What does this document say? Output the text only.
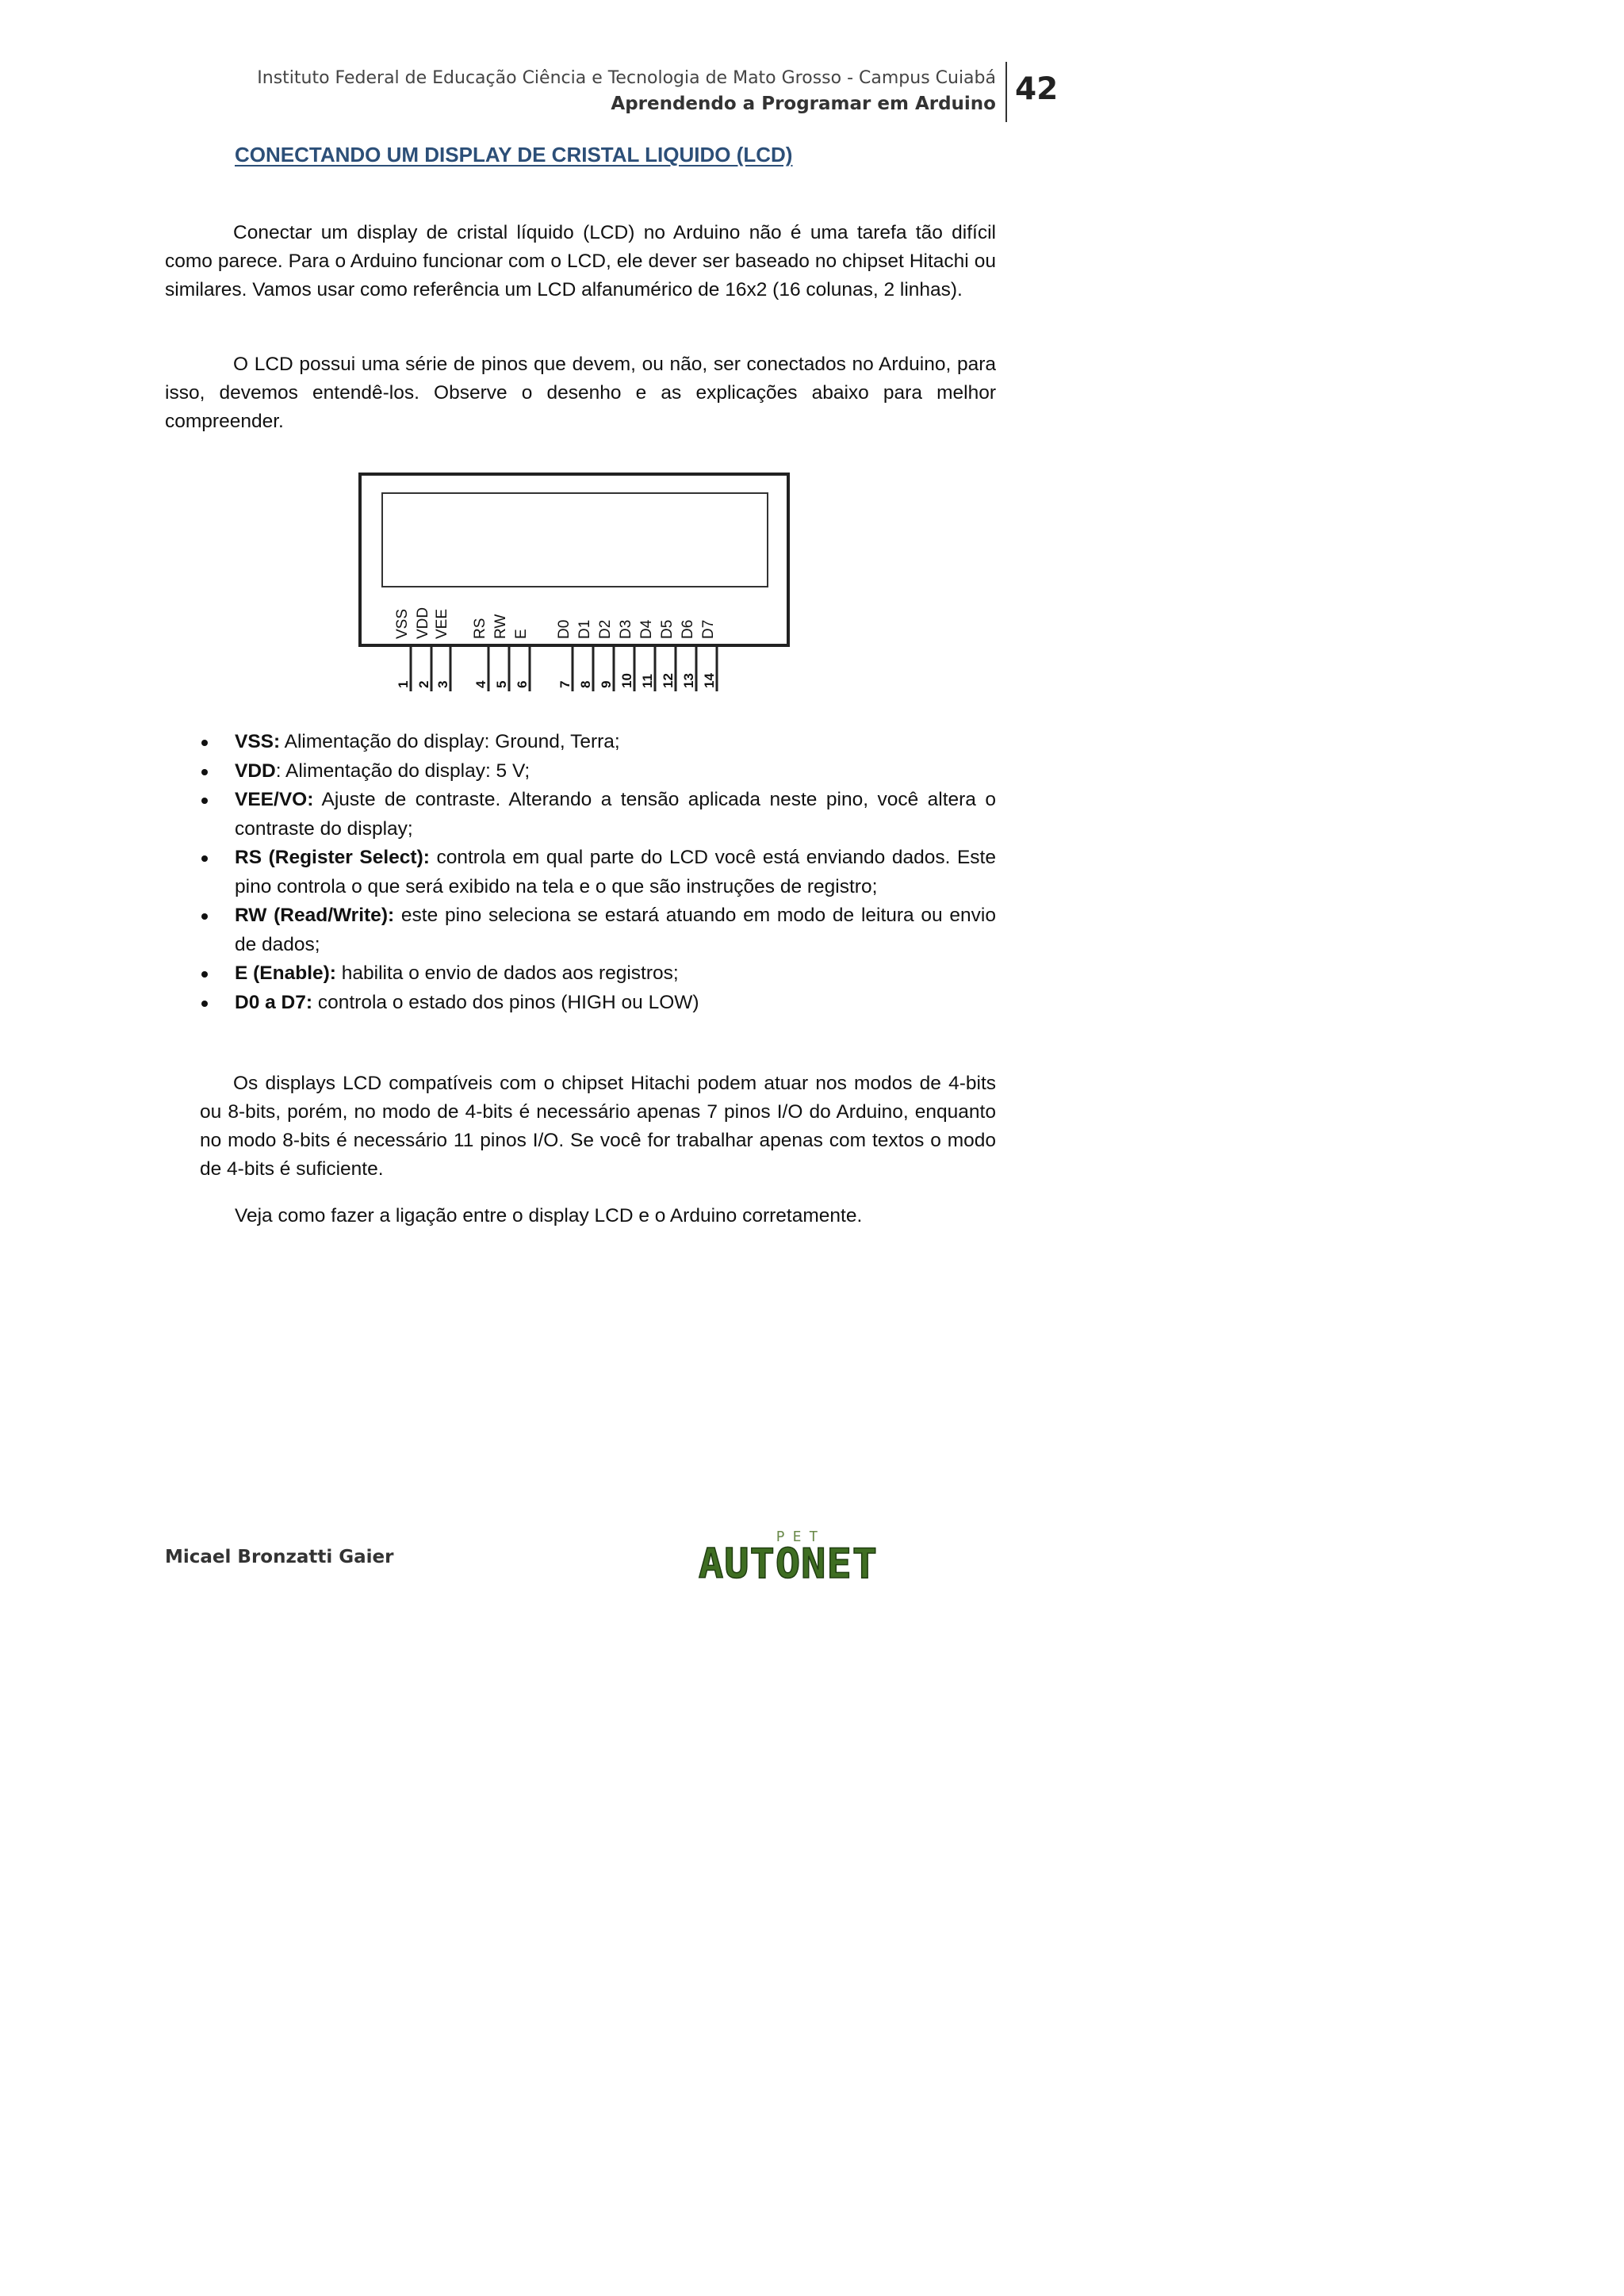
Instituto Federal de Educação Ciência e Tecnologia de Mato Grosso - Campus Cuiabá
Aprendendo a Programar em Arduino 42
CONECTANDO UM DISPLAY DE CRISTAL LIQUIDO (LCD)
Conectar um display de cristal líquido (LCD) no Arduino não é uma tarefa tão difícil como parece. Para o Arduino funcionar com o LCD, ele dever ser baseado no chipset Hitachi ou similares. Vamos usar como referência um LCD alfanumérico de 16x2 (16 colunas, 2 linhas).
O LCD possui uma série de pinos que devem, ou não, ser conectados no Arduino, para isso, devemos entendê-los. Observe o desenho e as explicações abaixo para melhor compreender.
VSS VDD VEE RS RW E D0 D1 D2 D3 D4 D5 D6 D7
1 2 3 4 5 6 7 8 9 10 11 12 13 14
VSS: Alimentação do display: Ground, Terra;
VDD: Alimentação do display: 5 V;
VEE/VO: Ajuste de contraste. Alterando a tensão aplicada neste pino, você altera o contraste do display;
RS (Register Select): controla em qual parte do LCD você está enviando dados. Este pino controla o que será exibido na tela e o que são instruções de registro;
RW (Read/Write): este pino seleciona se estará atuando em modo de leitura ou envio de dados;
E (Enable): habilita o envio de dados aos registros;
D0 a D7: controla o estado dos pinos (HIGH ou LOW)
Os displays LCD compatíveis com o chipset Hitachi podem atuar nos modos de 4-bits ou 8-bits, porém, no modo de 4-bits é necessário apenas 7 pinos I/O do Arduino, enquanto no modo 8-bits é necessário 11 pinos I/O. Se você for trabalhar apenas com textos o modo de 4-bits é suficiente.
Veja como fazer a ligação entre o display LCD e o Arduino corretamente.
Micael Bronzatti Gaier
PET
AUTONET
